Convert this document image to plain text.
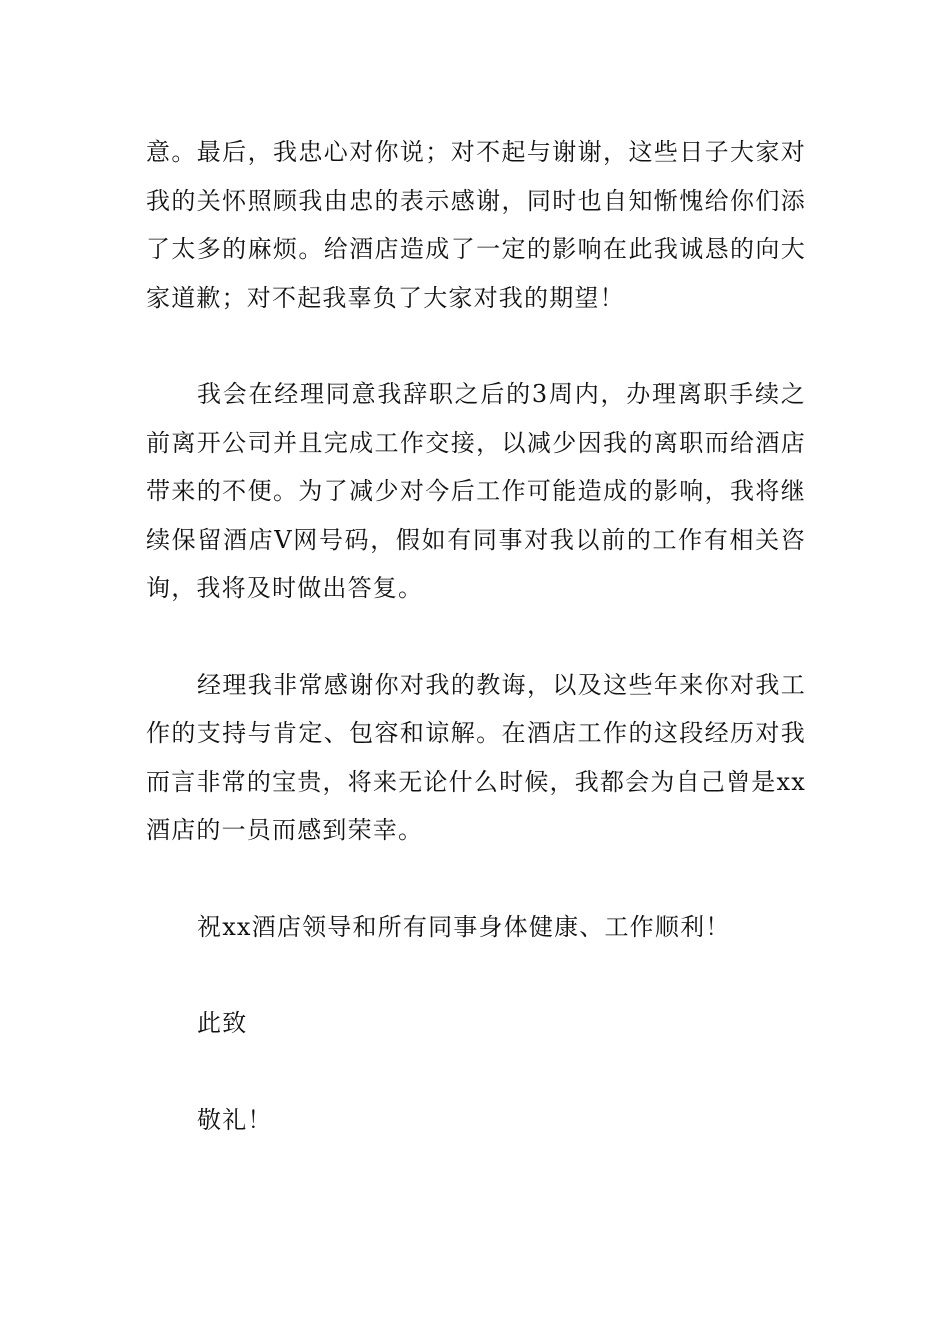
意。最后，我忠心对你说；对不起与谢谢，这些日子大家对我的关怀照顾我由忠的表示感谢，同时也自知惭愧给你们添了太多的麻烦。给酒店造成了一定的影响在此我诚恳的向大家道歉；对不起我辜负了大家对我的期望！

我会在经理同意我辞职之后的3周内，办理离职手续之前离开公司并且完成工作交接，以减少因我的离职而给酒店带来的不便。为了减少对今后工作可能造成的影响，我将继续保留酒店V网号码，假如有同事对我以前的工作有相关咨询，我将及时做出答复。

经理我非常感谢你对我的教诲，以及这些年来你对我工作的支持与肯定、包容和谅解。在酒店工作的这段经历对我而言非常的宝贵，将来无论什么时候，我都会为自己曾是xx酒店的一员而感到荣幸。

祝xx酒店领导和所有同事身体健康、工作顺利！

此致

敬礼！
